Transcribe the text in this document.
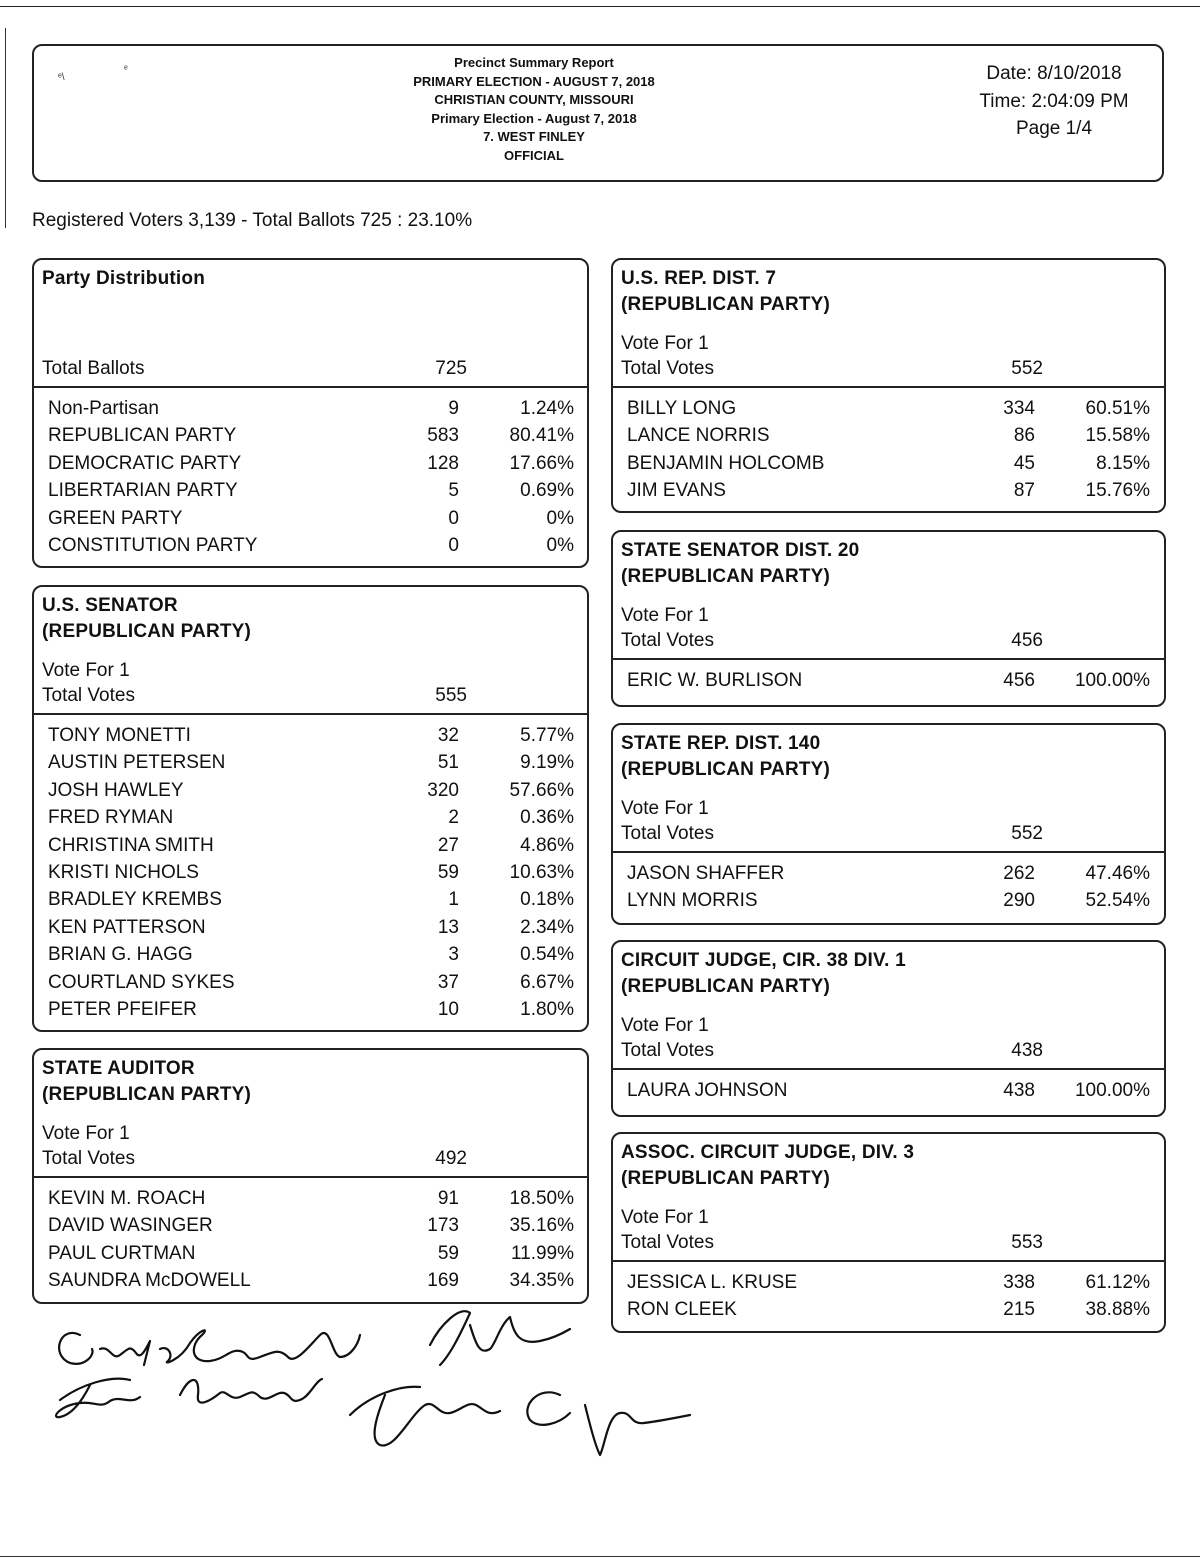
ᵉ\
ᵉ	Precinct Summary Report
PRIMARY ELECTION - AUGUST 7, 2018
CHRISTIAN COUNTY, MISSOURI
Primary Election - August 7, 2018
7. WEST FINLEY
OFFICIAL
Date: 8/10/2018
Time: 2:04:09 PM
Page 1/4
Registered Voters 3,139 - Total Ballots 725 : 23.10%
Party Distribution
Total Ballots	725
Non-Partisan	9	1.24%
REPUBLICAN PARTY	583	80.41%
DEMOCRATIC PARTY	128	17.66%
LIBERTARIAN PARTY	5	0.69%
GREEN PARTY	0	0%
CONSTITUTION PARTY	0	0%
U.S. SENATOR
(REPUBLICAN PARTY)
Vote For 1
Total Votes	555
TONY MONETTI	32	5.77%
AUSTIN PETERSEN	51	9.19%
JOSH HAWLEY	320	57.66%
FRED RYMAN	2	0.36%
CHRISTINA SMITH	27	4.86%
KRISTI NICHOLS	59	10.63%
BRADLEY KREMBS	1	0.18%
KEN PATTERSON	13	2.34%
BRIAN G. HAGG	3	0.54%
COURTLAND SYKES	37	6.67%
PETER PFEIFER	10	1.80%
STATE AUDITOR
(REPUBLICAN PARTY)
Vote For 1
Total Votes	492
KEVIN M. ROACH	91	18.50%
DAVID WASINGER	173	35.16%
PAUL CURTMAN	59	11.99%
SAUNDRA McDOWELL	169	34.35%
U.S. REP. DIST. 7
(REPUBLICAN PARTY)
Vote For 1
Total Votes	552
BILLY LONG	334	60.51%
LANCE NORRIS	86	15.58%
BENJAMIN HOLCOMB	45	8.15%
JIM EVANS	87	15.76%
STATE SENATOR DIST. 20
(REPUBLICAN PARTY)
Vote For 1
Total Votes	456
ERIC W. BURLISON	456	100.00%
STATE REP. DIST. 140
(REPUBLICAN PARTY)
Vote For 1
Total Votes	552
JASON SHAFFER	262	47.46%
LYNN MORRIS	290	52.54%
CIRCUIT JUDGE, CIR. 38 DIV. 1
(REPUBLICAN PARTY)
Vote For 1
Total Votes	438
LAURA JOHNSON	438	100.00%
ASSOC. CIRCUIT JUDGE, DIV. 3
(REPUBLICAN PARTY)
Vote For 1
Total Votes	553
JESSICA L. KRUSE	338	61.12%
RON CLEEK	215	38.88%
